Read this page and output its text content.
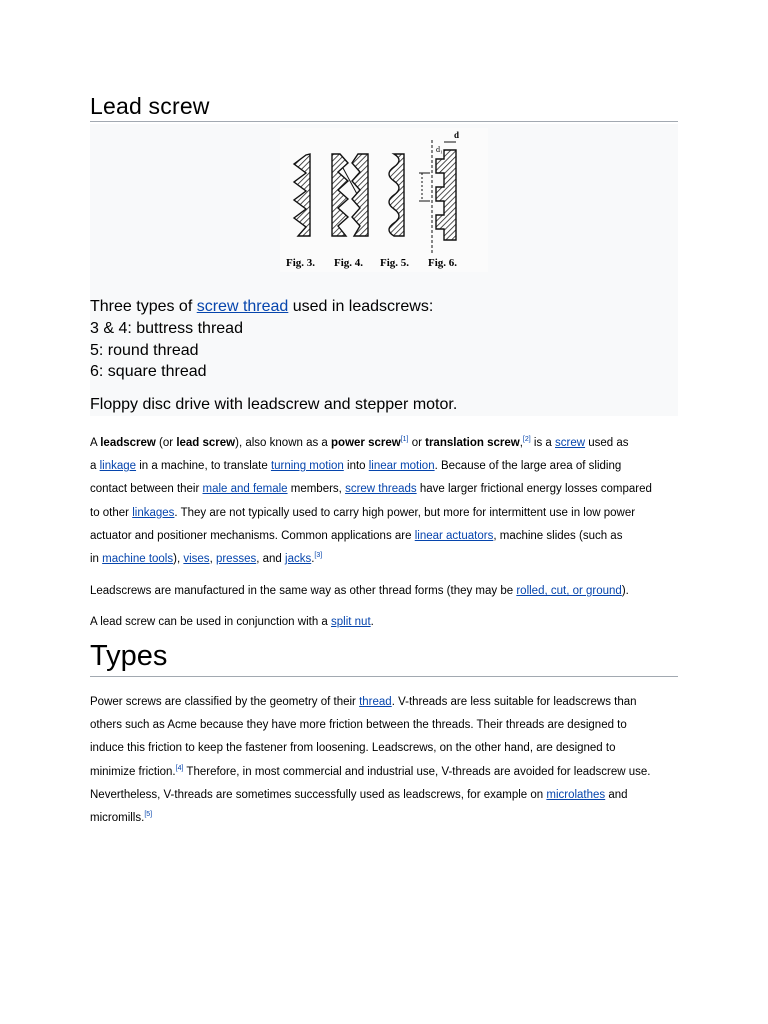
Lead screw
d
d₁
Fig. 3. Fig. 4. Fig. 5. Fig. 6.
Three types of screw thread used in leadscrews:
3 & 4: buttress thread
5: round thread
6: square thread
Floppy disc drive with leadscrew and stepper motor.
A leadscrew (or lead screw), also known as a power screw[1] or translation screw,[2] is a screw used as
a linkage in a machine, to translate turning motion into linear motion. Because of the large area of sliding
contact between their male and female members, screw threads have larger frictional energy losses compared
to other linkages. They are not typically used to carry high power, but more for intermittent use in low power
actuator and positioner mechanisms. Common applications are linear actuators, machine slides (such as
in machine tools), vises, presses, and jacks.[3]
Leadscrews are manufactured in the same way as other thread forms (they may be rolled, cut, or ground).
A lead screw can be used in conjunction with a split nut.
Types
Power screws are classified by the geometry of their thread. V-threads are less suitable for leadscrews than
others such as Acme because they have more friction between the threads. Their threads are designed to
induce this friction to keep the fastener from loosening. Leadscrews, on the other hand, are designed to
minimize friction.[4] Therefore, in most commercial and industrial use, V-threads are avoided for leadscrew use.
Nevertheless, V-threads are sometimes successfully used as leadscrews, for example on microlathes and
micromills.[5]
